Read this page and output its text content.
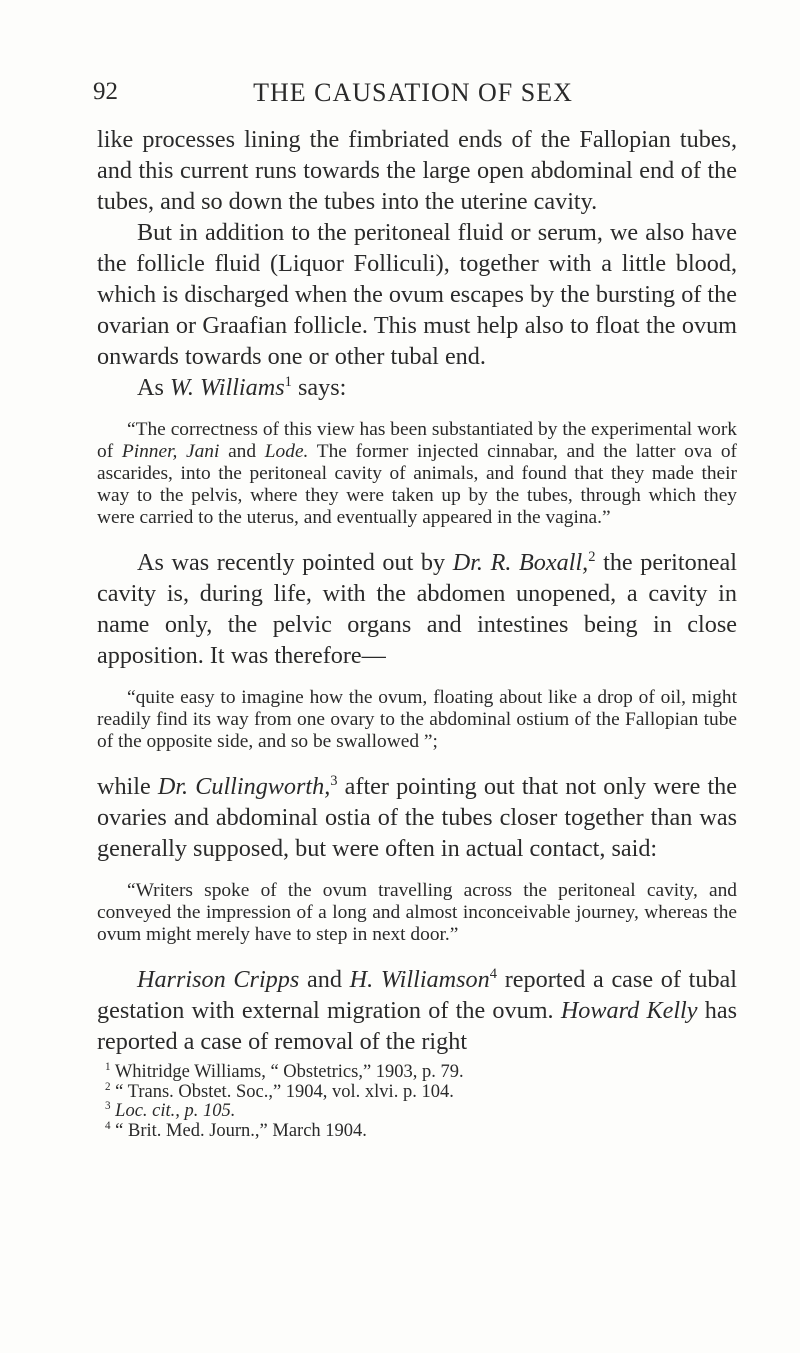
92	THE CAUSATION OF SEX

like processes lining the fimbriated ends of the Fallopian tubes, and this current runs towards the large open abdominal end of the tubes, and so down the tubes into the uterine cavity.

But in addition to the peritoneal fluid or serum, we also have the follicle fluid (Liquor Folliculi), together with a little blood, which is discharged when the ovum escapes by the bursting of the ovarian or Graafian follicle. This must help also to float the ovum onwards towards one or other tubal end.

As W. Williams$^1$ says:

“The correctness of this view has been substantiated by the experimental work of Pinner, Jani and Lode. The former injected cinnabar, and the latter ova of ascarides, into the peritoneal cavity of animals, and found that they made their way to the pelvis, where they were taken up by the tubes, through which they were carried to the uterus, and eventually appeared in the vagina.”

As was recently pointed out by Dr. R. Boxall,$^2$ the peritoneal cavity is, during life, with the abdomen unopened, a cavity in name only, the pelvic organs and intestines being in close apposition. It was therefore—

“quite easy to imagine how the ovum, floating about like a drop of oil, might readily find its way from one ovary to the abdominal ostium of the Fallopian tube of the opposite side, and so be swallowed ”;

while Dr. Cullingworth,$^3$ after pointing out that not only were the ovaries and abdominal ostia of the tubes closer together than was generally supposed, but were often in actual contact, said:

“Writers spoke of the ovum travelling across the peritoneal cavity, and conveyed the impression of a long and almost inconceivable journey, whereas the ovum might merely have to step in next door.”

Harrison Cripps and H. Williamson$^4$ reported a case of tubal gestation with external migration of the ovum. Howard Kelly has reported a case of removal of the right

$^1$ Whitridge Williams, “ Obstetrics,” 1903, p. 79.

$^2$ “ Trans. Obstet. Soc.,” 1904, vol. xlvi. p. 104.

$^3$ Loc. cit., p. 105.

$^4$ “ Brit. Med. Journ.,” March 1904.
